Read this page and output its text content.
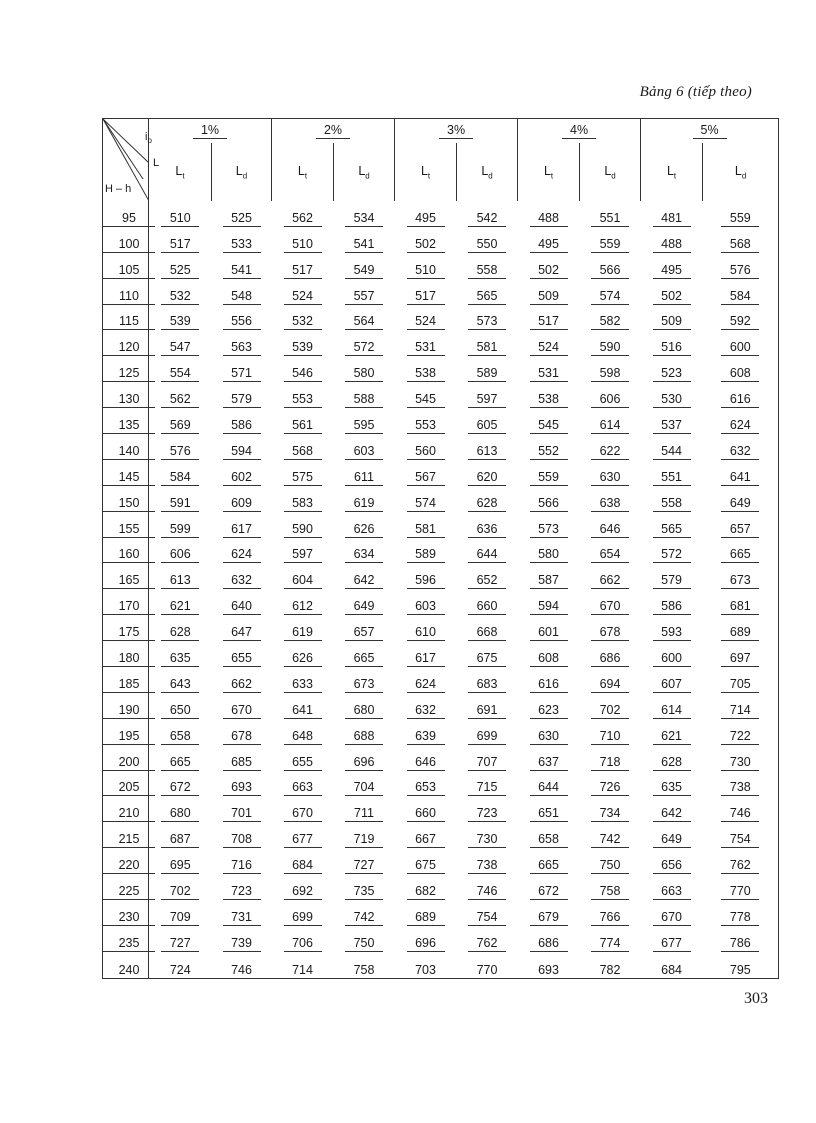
Bảng 6 (tiếp theo)
$i_o$
L
H – h	1%		2%		3%		4%		5%	
	$L_t$	$L_d$	$L_t$	$L_d$	$L_t$	$L_d$	$L_t$	$L_d$	$L_t$	$L_d$
95	510	525	562	534	495	542	488	551	481	559
100	517	533	510	541	502	550	495	559	488	568
105	525	541	517	549	510	558	502	566	495	576
110	532	548	524	557	517	565	509	574	502	584
115	539	556	532	564	524	573	517	582	509	592
120	547	563	539	572	531	581	524	590	516	600
125	554	571	546	580	538	589	531	598	523	608
130	562	579	553	588	545	597	538	606	530	616
135	569	586	561	595	553	605	545	614	537	624
140	576	594	568	603	560	613	552	622	544	632
145	584	602	575	611	567	620	559	630	551	641
150	591	609	583	619	574	628	566	638	558	649
155	599	617	590	626	581	636	573	646	565	657
160	606	624	597	634	589	644	580	654	572	665
165	613	632	604	642	596	652	587	662	579	673
170	621	640	612	649	603	660	594	670	586	681
175	628	647	619	657	610	668	601	678	593	689
180	635	655	626	665	617	675	608	686	600	697
185	643	662	633	673	624	683	616	694	607	705
190	650	670	641	680	632	691	623	702	614	714
195	658	678	648	688	639	699	630	710	621	722
200	665	685	655	696	646	707	637	718	628	730
205	672	693	663	704	653	715	644	726	635	738
210	680	701	670	711	660	723	651	734	642	746
215	687	708	677	719	667	730	658	742	649	754
220	695	716	684	727	675	738	665	750	656	762
225	702	723	692	735	682	746	672	758	663	770
230	709	731	699	742	689	754	679	766	670	778
235	727	739	706	750	696	762	686	774	677	786
240	724	746	714	758	703	770	693	782	684	795
303
